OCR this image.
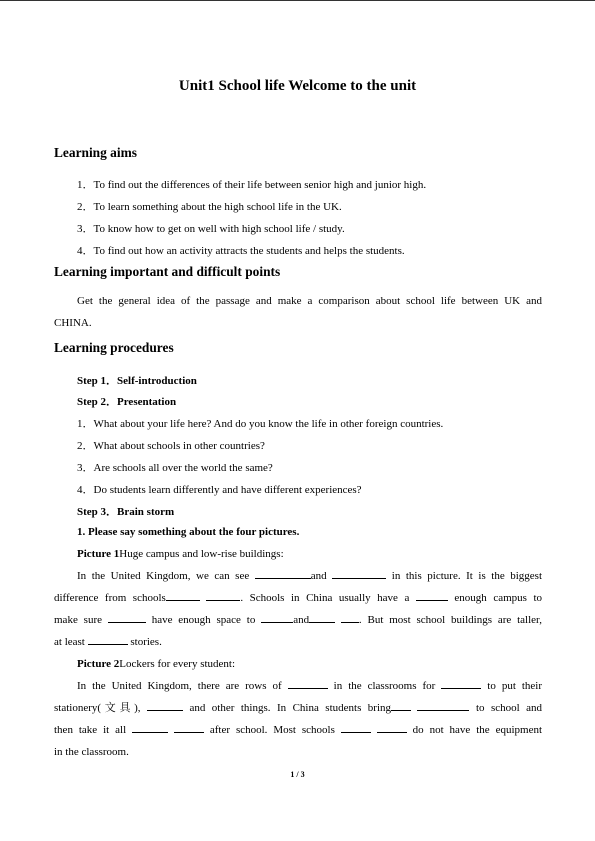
Unit1 School life Welcome to the unit
Learning aims
1．To find out the differences of their life between senior high and junior high.
2．To learn something about the high school life in the UK.
3．To know how to get on well with high school life / study.
4．To find out how an activity attracts the students and helps the students.
Learning important and difficult points
Get the general idea of the passage and make a comparison about school life between UK and
CHINA.
Learning procedures
Step 1．Self-introduction
Step 2．Presentation
1．What about your life here? And do you know the life in other foreign countries.
2．What about schools in other countries?
3．Are schools all over the world the same?
4．Do students learn differently and have different experiences?
Step 3．Brain storm
1. Please say something about the four pictures.
Picture 1Huge campus and low-rise buildings:
In the United Kingdom, we can see	and	in this picture. It is the biggest
difference from schools	. Schools in China usually have a	enough campus to
make sure	have enough space to	and	. But most school buildings are taller,
at least	stories.
Picture 2Lockers for every student:
In the United Kingdom, there are rows of	in the classrooms for	to put their
stationery(文具),	and other things. In China students bring	to school and
then take it all	after school. Most schools	do not have the equipment
in the classroom.
1 / 3
